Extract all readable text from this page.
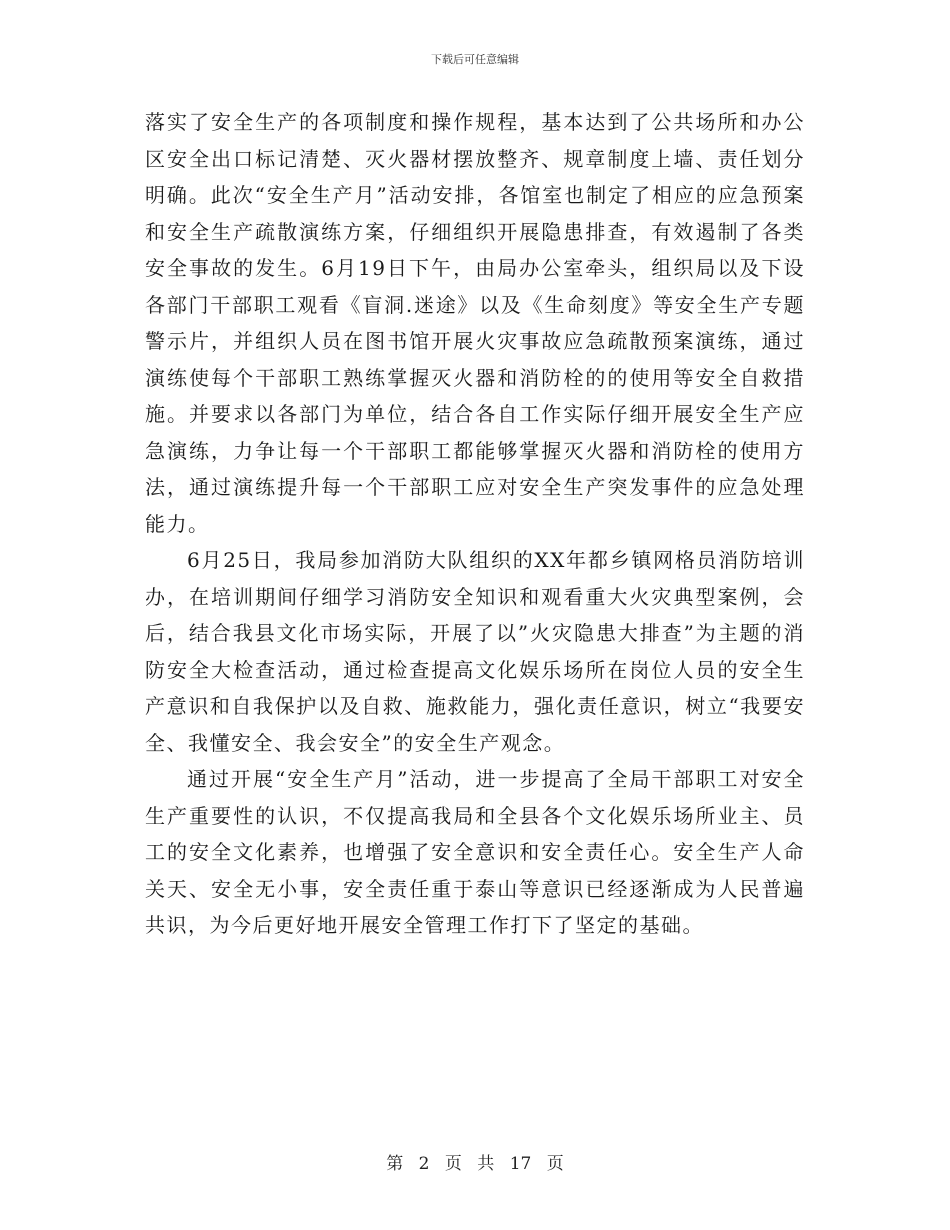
下载后可任意编辑

落实了安全生产的各项制度和操作规程，基本达到了公共场所和办公区安全出口标记清楚、灭火器材摆放整齐、规章制度上墙、责任划分明确。此次“安全生产月”活动安排，各馆室也制定了相应的应急预案和安全生产疏散演练方案，仔细组织开展隐患排查，有效遏制了各类安全事故的发生。6月19日下午，由局办公室牵头，组织局以及下设各部门干部职工观看《盲洞.迷途》以及《生命刻度》等安全生产专题警示片，并组织人员在图书馆开展火灾事故应急疏散预案演练，通过演练使每个干部职工熟练掌握灭火器和消防栓的的使用等安全自救措施。并要求以各部门为单位，结合各自工作实际仔细开展安全生产应急演练，力争让每一个干部职工都能够掌握灭火器和消防栓的使用方法，通过演练提升每一个干部职工应对安全生产突发事件的应急处理能力。

6月25日，我局参加消防大队组织的XX年都乡镇网格员消防培训办，在培训期间仔细学习消防安全知识和观看重大火灾典型案例，会后，结合我县文化市场实际，开展了以”火灾隐患大排查”为主题的消防安全大检查活动，通过检查提高文化娱乐场所在岗位人员的安全生产意识和自我保护以及自救、施救能力，强化责任意识，树立“我要安全、我懂安全、我会安全”的安全生产观念。

通过开展“安全生产月”活动，进一步提高了全局干部职工对安全生产重要性的认识，不仅提高我局和全县各个文化娱乐场所业主、员工的安全文化素养，也增强了安全意识和安全责任心。安全生产人命关天、安全无小事，安全责任重于泰山等意识已经逐渐成为人民普遍共识，为今后更好地开展安全管理工作打下了坚定的基础。

第 2 页 共 17 页
